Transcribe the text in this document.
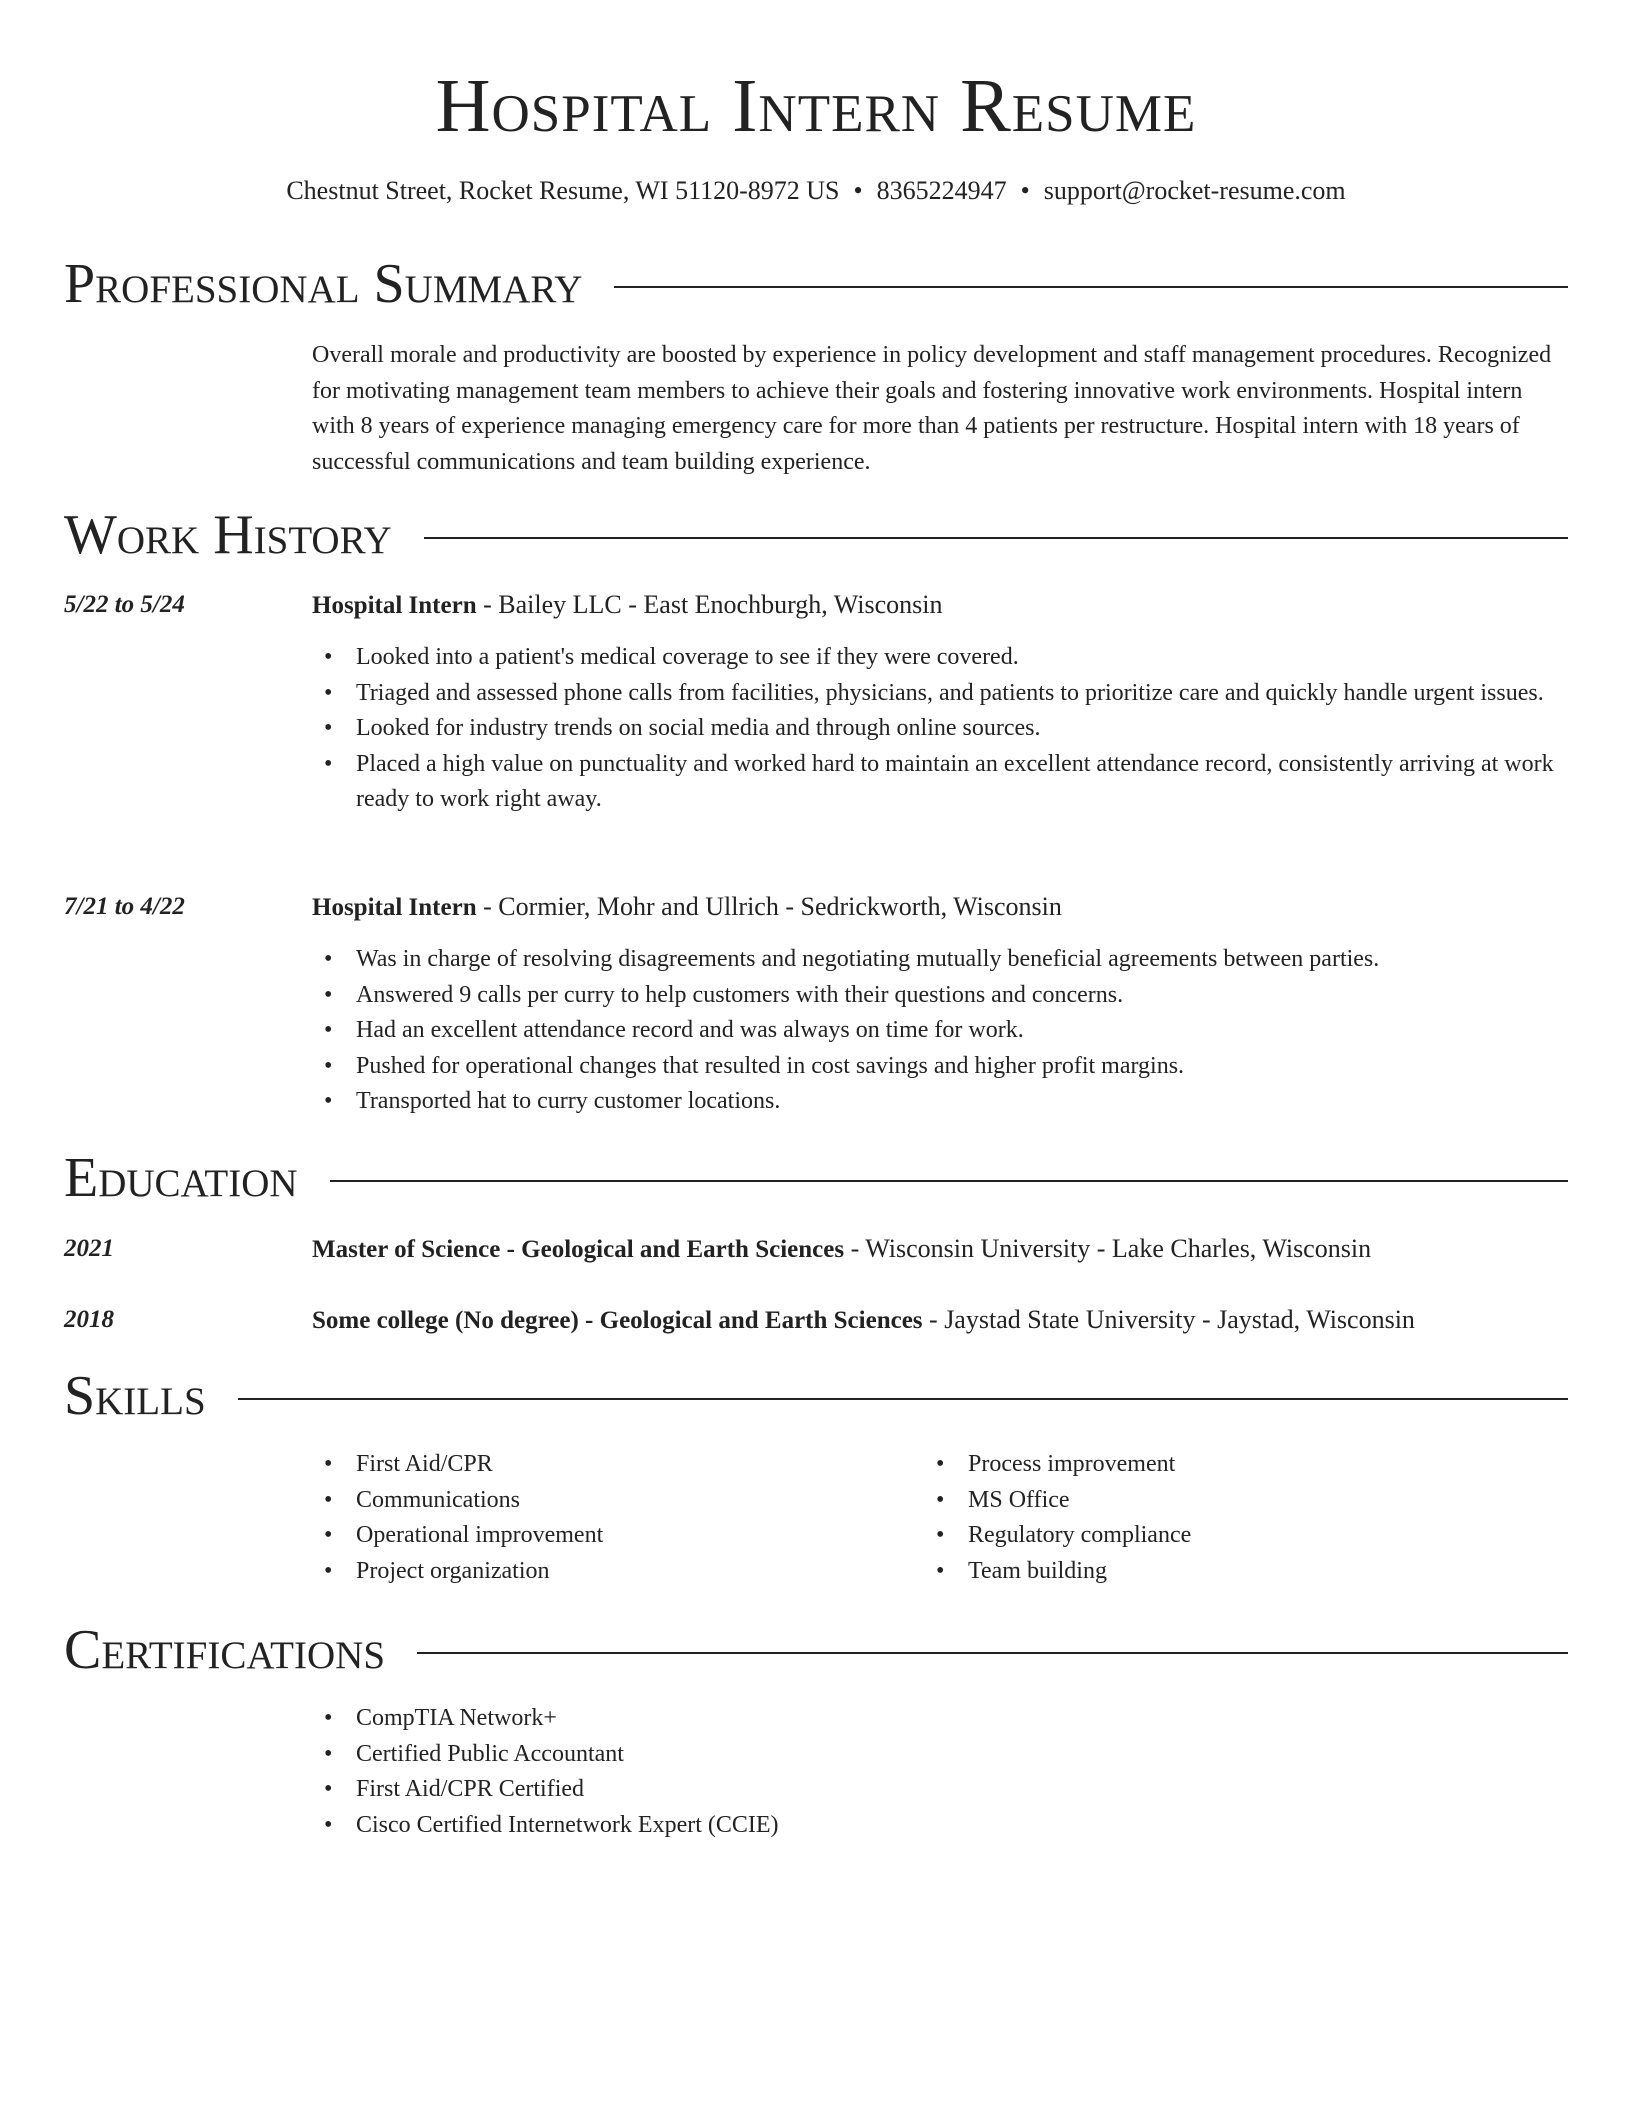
Hospital Intern Resume
Chestnut Street, Rocket Resume, WI 51120-8972 US • 8365224947 • support@rocket-resume.com
Professional Summary

Overall morale and productivity are boosted by experience in policy development and staff management procedures. Recognized for motivating management team members to achieve their goals and fostering innovative work environments. Hospital intern with 8 years of experience managing emergency care for more than 4 patients per restructure. Hospital intern with 18 years of successful communications and team building experience.

Work History
5/22 to 5/24	Hospital Intern - Bailey LLC - East Enochburgh, Wisconsin
• Looked into a patient's medical coverage to see if they were covered.
• Triaged and assessed phone calls from facilities, physicians, and patients to prioritize care and quickly handle urgent issues.
• Looked for industry trends on social media and through online sources.
• Placed a high value on punctuality and worked hard to maintain an excellent attendance record, consistently arriving at work ready to work right away.
7/21 to 4/22	Hospital Intern - Cormier, Mohr and Ullrich - Sedrickworth, Wisconsin
• Was in charge of resolving disagreements and negotiating mutually beneficial agreements between parties.
• Answered 9 calls per curry to help customers with their questions and concerns.
• Had an excellent attendance record and was always on time for work.
• Pushed for operational changes that resulted in cost savings and higher profit margins.
• Transported hat to curry customer locations.
Education
2021	Master of Science - Geological and Earth Sciences - Wisconsin University - Lake Charles, Wisconsin
2018	Some college (No degree) - Geological and Earth Sciences - Jaystad State University - Jaystad, Wisconsin
Skills
• First Aid/CPR
• Communications
• Operational improvement
• Project organization
• Process improvement
• MS Office
• Regulatory compliance
• Team building
Certifications
• CompTIA Network+
• Certified Public Accountant
• First Aid/CPR Certified
• Cisco Certified Internetwork Expert (CCIE)
